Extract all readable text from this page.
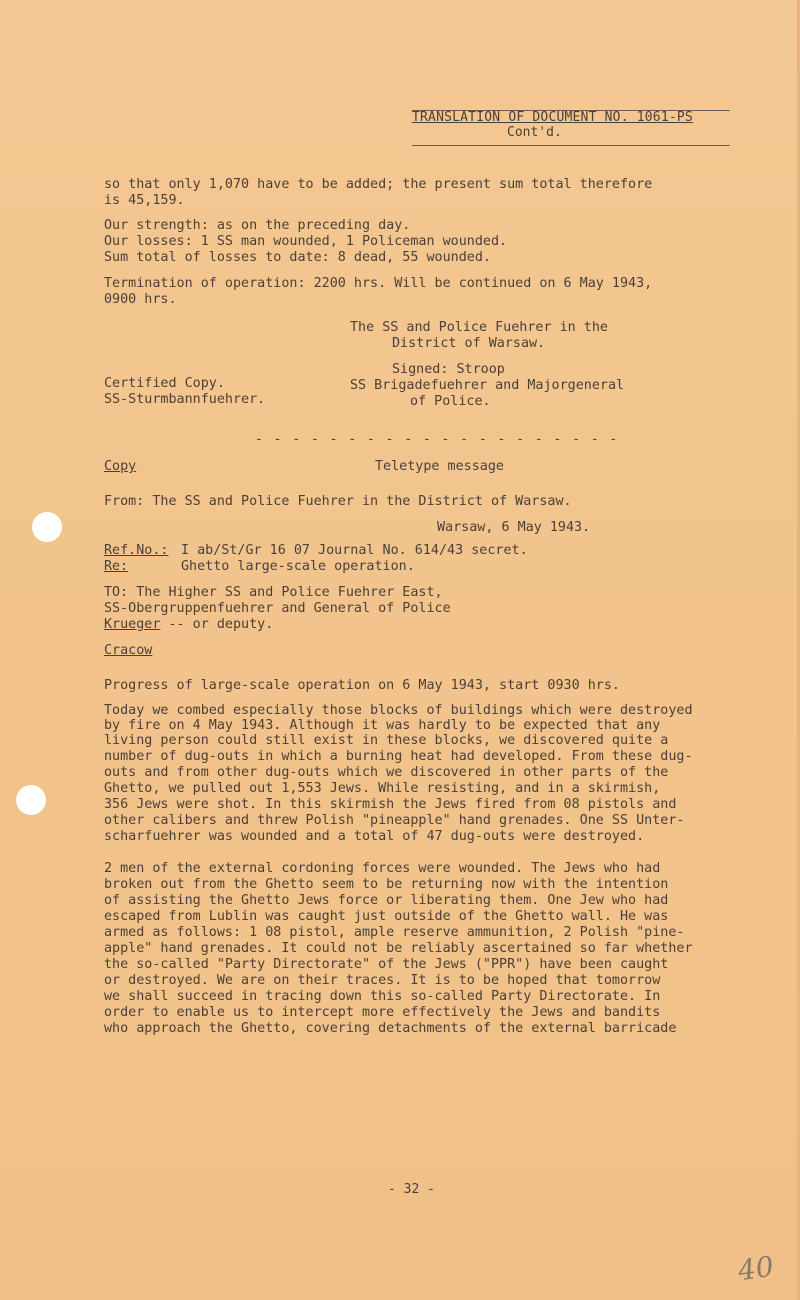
TRANSLATION OF DOCUMENT NO. 1061-PS
Cont'd.
so that only 1,070 have to be added; the present sum total therefore
is 45,159.
Our strength: as on the preceding day.
Our losses: 1 SS man wounded, 1 Policeman wounded.
Sum total of losses to date: 8 dead, 55 wounded.
Termination of operation: 2200 hrs. Will be continued on 6 May 1943,
0900 hrs.
The SS and Police Fuehrer in the
District of Warsaw.
Signed: Stroop
SS Brigadefuehrer and Majorgeneral
of Police.
Certified Copy.
SS-Sturmbannfuehrer.
- - - - - - - - - - - - - - - - - - - -
Copy	Teletype message
From: The SS and Police Fuehrer in the District of Warsaw.
Warsaw, 6 May 1943.
Ref.No.: I ab/St/Gr 16 07 Journal No. 614/43 secret.
Re:	Ghetto large-scale operation.
TO: The Higher SS and Police Fuehrer East,
SS-Obergruppenfuehrer and General of Police
Krueger -- or deputy.
Cracow
Progress of large-scale operation on 6 May 1943, start 0930 hrs.
Today we combed especially those blocks of buildings which were destroyed
by fire on 4 May 1943. Although it was hardly to be expected that any
living person could still exist in these blocks, we discovered quite a
number of dug-outs in which a burning heat had developed. From these dug-
outs and from other dug-outs which we discovered in other parts of the
Ghetto, we pulled out 1,553 Jews. While resisting, and in a skirmish,
356 Jews were shot. In this skirmish the Jews fired from 08 pistols and
other calibers and threw Polish "pineapple" hand grenades. One SS Unter-
scharfuehrer was wounded and a total of 47 dug-outs were destroyed.
2 men of the external cordoning forces were wounded. The Jews who had
broken out from the Ghetto seem to be returning now with the intention
of assisting the Ghetto Jews force or liberating them. One Jew who had
escaped from Lublin was caught just outside of the Ghetto wall. He was
armed as follows: 1 08 pistol, ample reserve ammunition, 2 Polish "pine-
apple" hand grenades. It could not be reliably ascertained so far whether
the so-called "Party Directorate" of the Jews ("PPR") have been caught
or destroyed. We are on their traces. It is to be hoped that tomorrow
we shall succeed in tracing down this so-called Party Directorate. In
order to enable us to intercept more effectively the Jews and bandits
who approach the Ghetto, covering detachments of the external barricade
- 32 -
40
